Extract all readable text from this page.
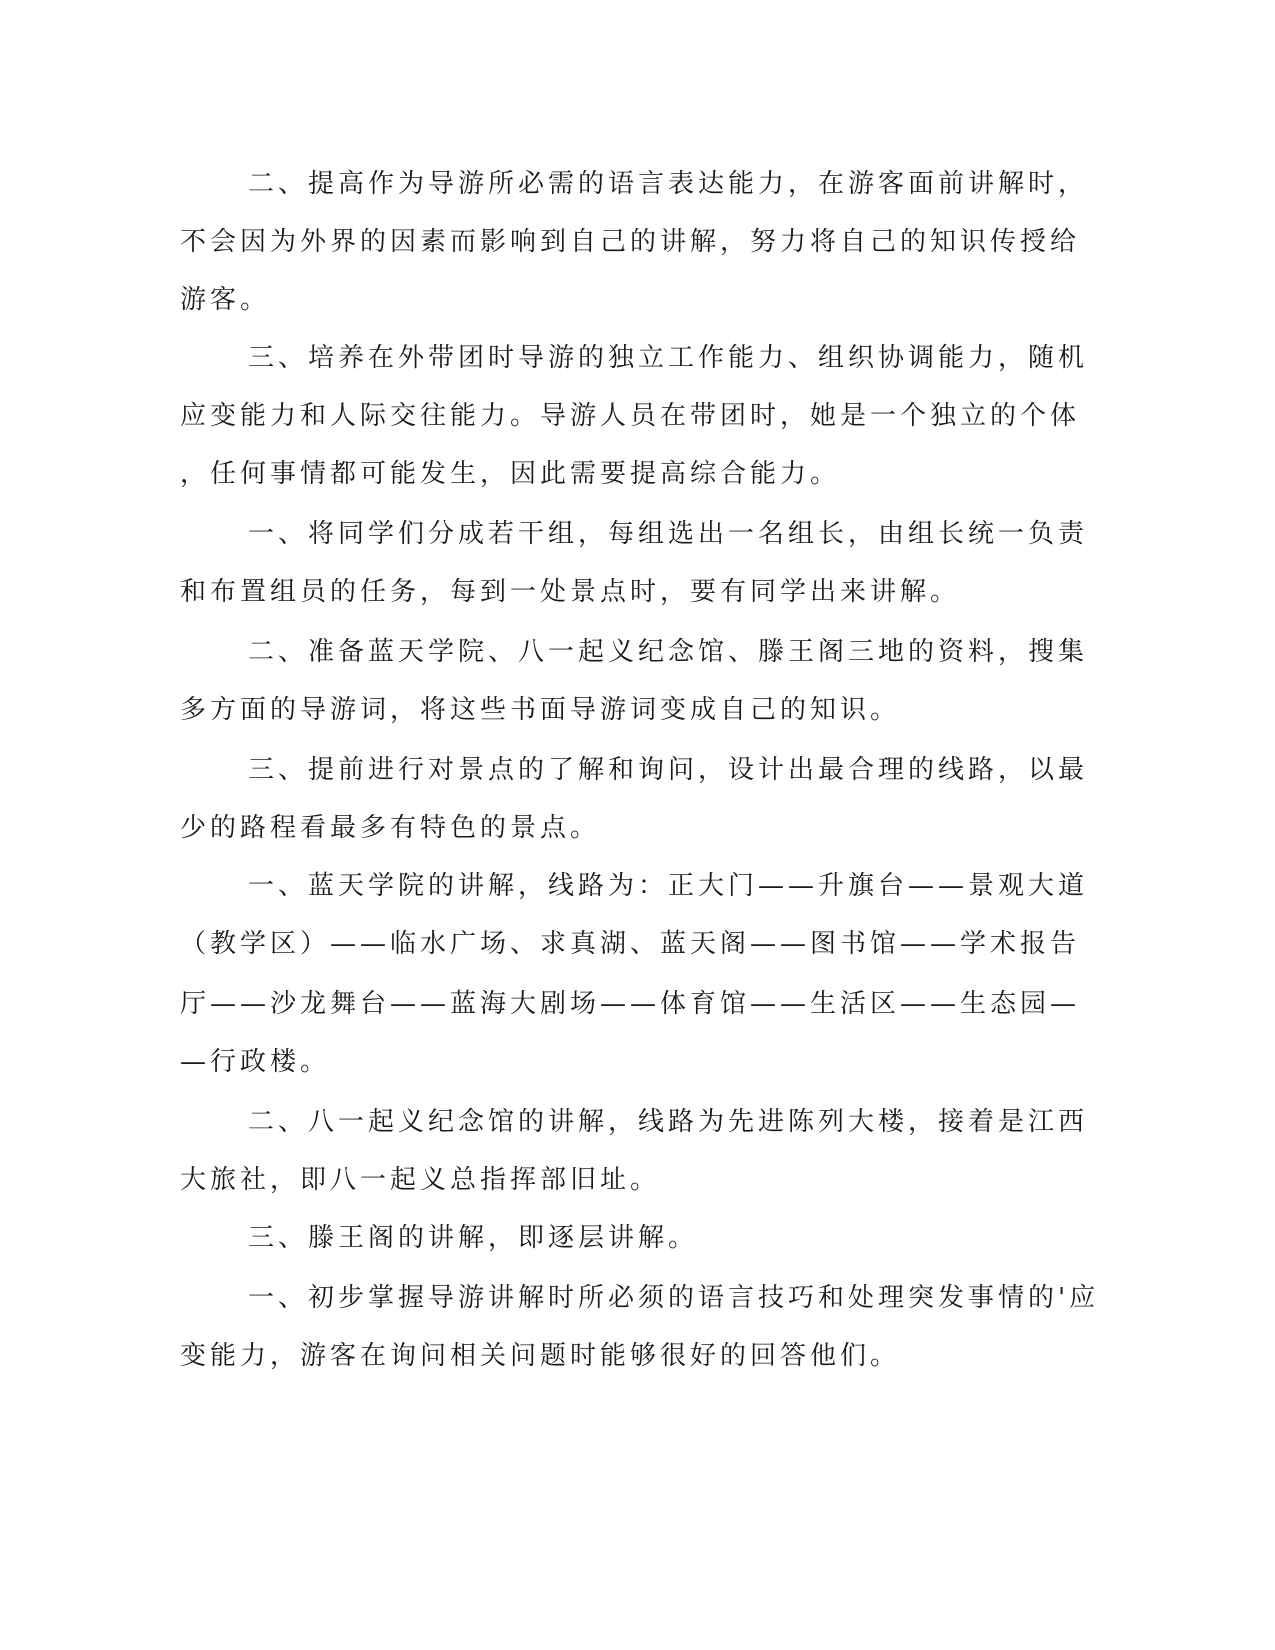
二、提高作为导游所必需的语言表达能力，在游客面前讲解时，
不会因为外界的因素而影响到自己的讲解，努力将自己的知识传授给
游客。
三、培养在外带团时导游的独立工作能力、组织协调能力，随机
应变能力和人际交往能力。导游人员在带团时，她是一个独立的个体
，任何事情都可能发生，因此需要提高综合能力。
一、将同学们分成若干组，每组选出一名组长，由组长统一负责
和布置组员的任务，每到一处景点时，要有同学出来讲解。
二、准备蓝天学院、八一起义纪念馆、滕王阁三地的资料，搜集
多方面的导游词，将这些书面导游词变成自己的知识。
三、提前进行对景点的了解和询问，设计出最合理的线路，以最
少的路程看最多有特色的景点。
一、蓝天学院的讲解，线路为：正大门——升旗台——景观大道
（教学区）——临水广场、求真湖、蓝天阁——图书馆——学术报告
厅——沙龙舞台——蓝海大剧场——体育馆——生活区——生态园—
—行政楼。
二、八一起义纪念馆的讲解，线路为先进陈列大楼，接着是江西
大旅社，即八一起义总指挥部旧址。
三、滕王阁的讲解，即逐层讲解。
一、初步掌握导游讲解时所必须的语言技巧和处理突发事情的'应
变能力，游客在询问相关问题时能够很好的回答他们。
